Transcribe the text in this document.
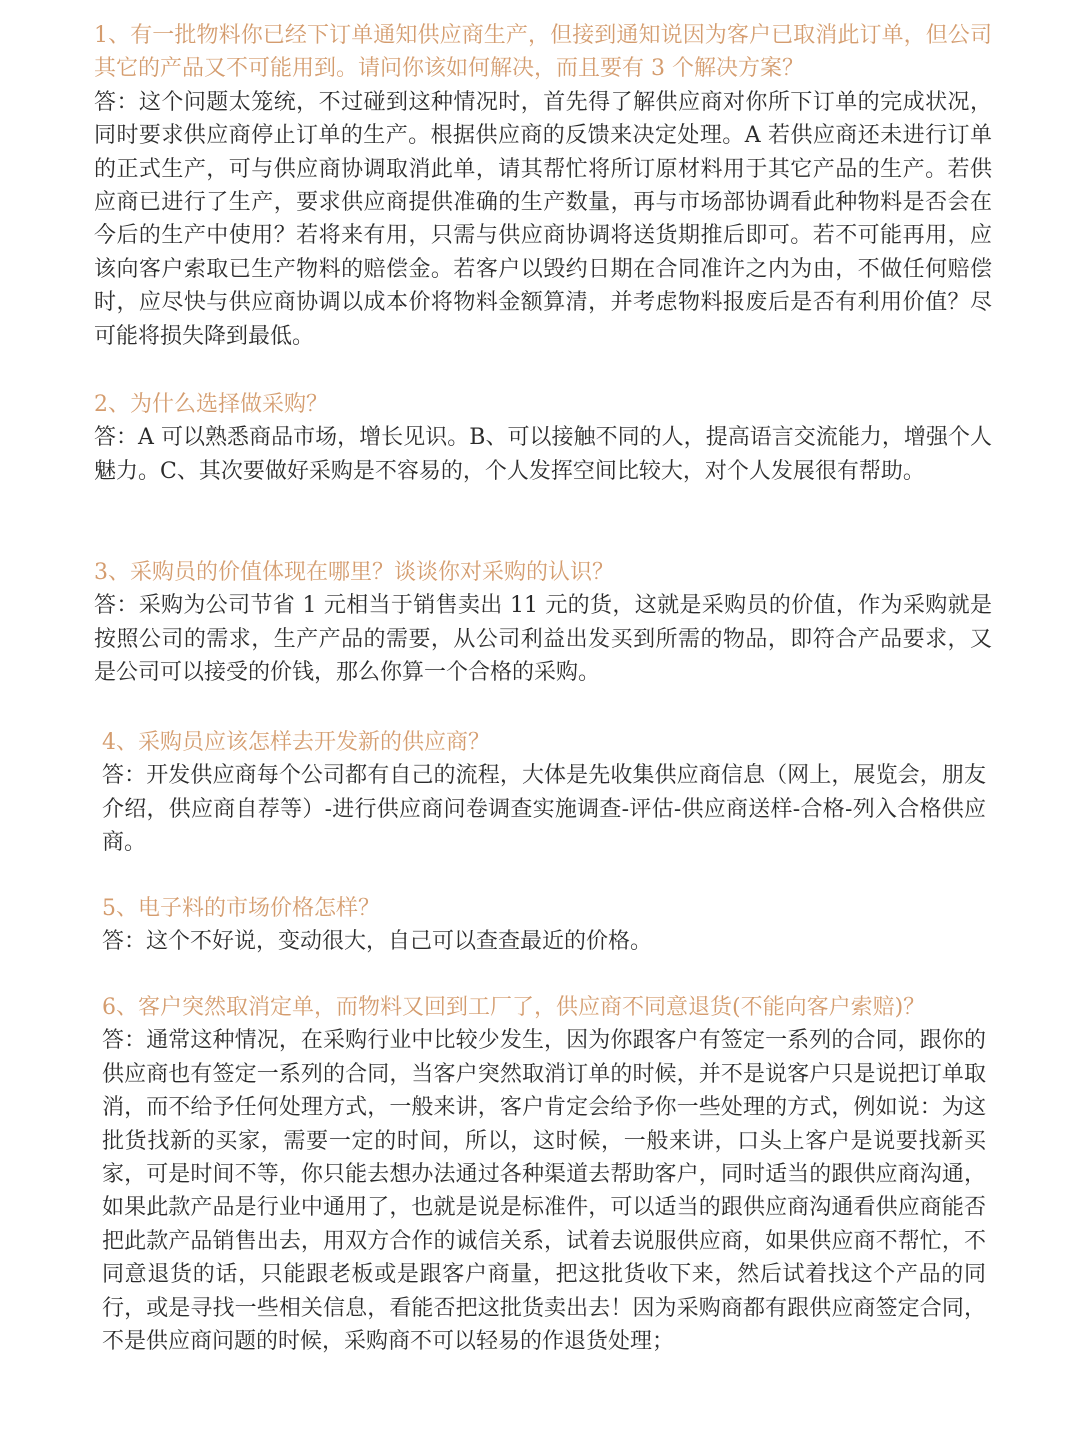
1、有一批物料你已经下订单通知供应商生产，但接到通知说因为客户已取消此订单，但公司其它的产品又不可能用到。请问你该如何解决，而且要有 3 个解决方案？

答：这个问题太笼统，不过碰到这种情况时，首先得了解供应商对你所下订单的完成状况，同时要求供应商停止订单的生产。根据供应商的反馈来决定处理。A 若供应商还未进行订单的正式生产，可与供应商协调取消此单，请其帮忙将所订原材料用于其它产品的生产。若供应商已进行了生产，要求供应商提供准确的生产数量，再与市场部协调看此种物料是否会在今后的生产中使用？若将来有用，只需与供应商协调将送货期推后即可。若不可能再用，应该向客户索取已生产物料的赔偿金。若客户以毁约日期在合同准许之内为由，不做任何赔偿时，应尽快与供应商协调以成本价将物料金额算清，并考虑物料报废后是否有利用价值？尽可能将损失降到最低。

2、为什么选择做采购？

答：A 可以熟悉商品市场，增长见识。B、可以接触不同的人，提高语言交流能力，增强个人魅力。C、其次要做好采购是不容易的，个人发挥空间比较大，对个人发展很有帮助。

3、采购员的价值体现在哪里？谈谈你对采购的认识？

答：采购为公司节省 1 元相当于销售卖出 11 元的货，这就是采购员的价值，作为采购就是按照公司的需求，生产产品的需要，从公司利益出发买到所需的物品，即符合产品要求，又是公司可以接受的价钱，那么你算一个合格的采购。

4、采购员应该怎样去开发新的供应商？

答：开发供应商每个公司都有自己的流程，大体是先收集供应商信息（网上，展览会，朋友介绍，供应商自荐等）-进行供应商问卷调查实施调查-评估-供应商送样-合格-列入合格供应商。

5、电子料的市场价格怎样？

答：这个不好说，变动很大，自己可以查查最近的价格。

6、客户突然取消定单，而物料又回到工厂了，供应商不同意退货(不能向客户索赔)？

答：通常这种情况，在采购行业中比较少发生，因为你跟客户有签定一系列的合同，跟你的供应商也有签定一系列的合同，当客户突然取消订单的时候，并不是说客户只是说把订单取消，而不给予任何处理方式，一般来讲，客户肯定会给予你一些处理的方式，例如说：为这批货找新的买家，需要一定的时间，所以，这时候，一般来讲，口头上客户是说要找新买家，可是时间不等，你只能去想办法通过各种渠道去帮助客户，同时适当的跟供应商沟通，如果此款产品是行业中通用了，也就是说是标准件，可以适当的跟供应商沟通看供应商能否把此款产品销售出去，用双方合作的诚信关系，试着去说服供应商，如果供应商不帮忙，不同意退货的话，只能跟老板或是跟客户商量，把这批货收下来，然后试着找这个产品的同行，或是寻找一些相关信息，看能否把这批货卖出去！因为采购商都有跟供应商签定合同，不是供应商问题的时候，采购商不可以轻易的作退货处理；
